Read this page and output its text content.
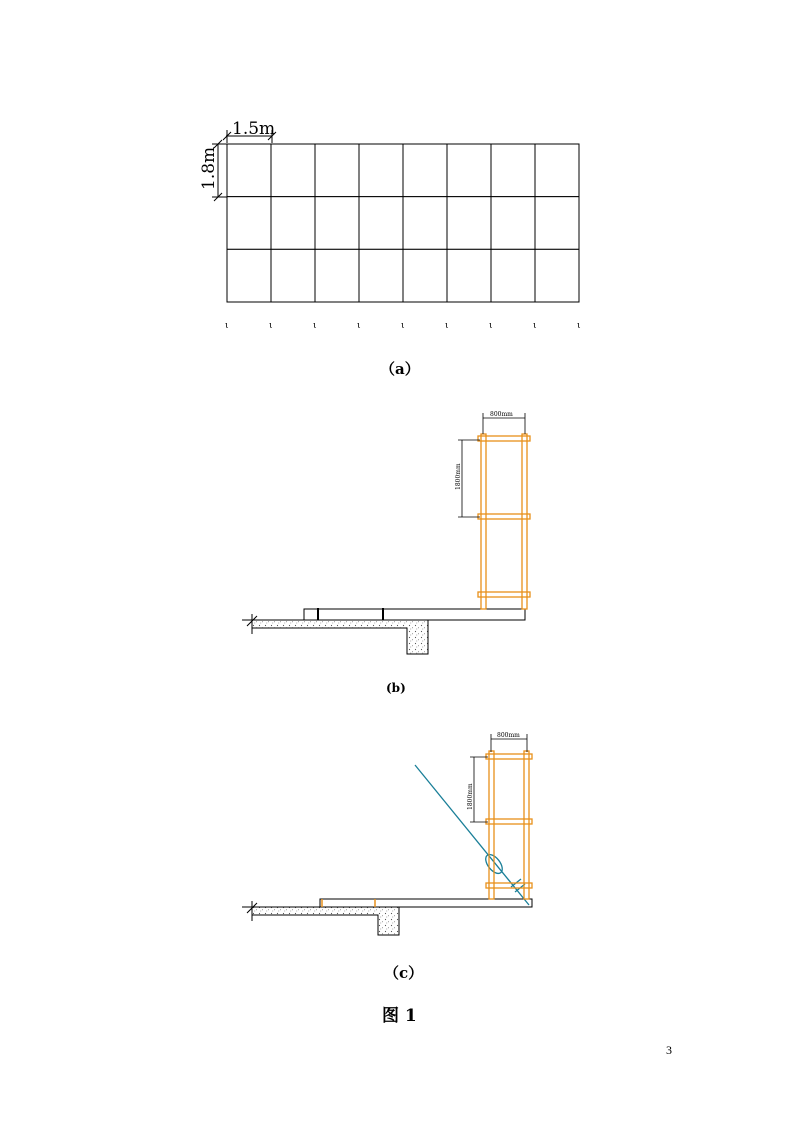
1.5m
1.8m
ι	ι	ι	ι	ι	ι	ι	ι	ι
（a）
800mm
1800mm
(b)
800mm
1800mm
（c）
图 1
3
